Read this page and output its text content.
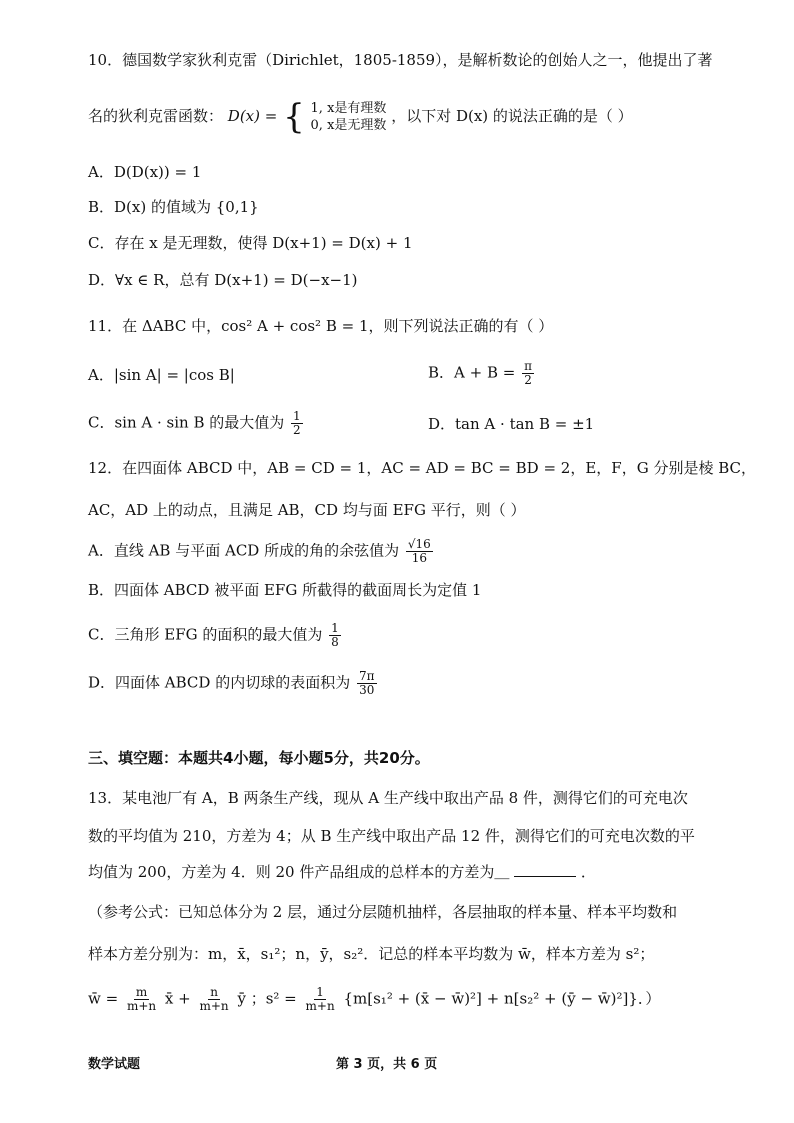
10．德国数学家狄利克雷（Dirichlet，1805-1859），是解析数论的创始人之一，他提出了著
名的狄利克雷函数： D(x) = { 1, x是有理数
0, x是无理数
，以下对 D(x) 的说法正确的是（ ）
A．D(D(x)) = 1
B．D(x) 的值域为 {0,1}
C．存在 x 是无理数，使得 D(x+1) = D(x) + 1
D．∀x ∈ R，总有 D(x+1) = D(−x−1)
11．在 ΔABC 中，cos² A + cos² B = 1，则下列说法正确的有（ ）
A．|sin A| = |cos B|	B．$A + B = \frac{\pi}{2}$
C．sin A · sin B 的最大值为 $\frac{1}{2}$	D．tan A · tan B = ±1
12．在四面体 ABCD 中，AB = CD = 1，AC = AD = BC = BD = 2，E，F，G 分别是棱 BC，
AC，AD 上的动点，且满足 AB，CD 均与面 EFG 平行，则（ ）
A．直线 AB 与平面 ACD 所成的角的余弦值为 $\frac{√16}{16}$
B．四面体 ABCD 被平面 EFG 所截得的截面周长为定值 1
C．三角形 EFG 的面积的最大值为 $\frac{1}{8}$
D．四面体 ABCD 的内切球的表面积为 $\frac{7\pi}{30}$
三、填空题：本题共4小题，每小题5分，共20分。
13．某电池厂有 A，B 两条生产线，现从 A 生产线中取出产品 8 件，测得它们的可充电次
数的平均值为 210，方差为 4；从 B 生产线中取出产品 12 件，测得它们的可充电次数的平
均值为 200，方差为 4．则 20 件产品组成的总样本的方差为＿	．
（参考公式：已知总体分为 2 层，通过分层随机抽样，各层抽取的样本量、样本平均数和
样本方差分别为：m，x̄，s₁²；n，ȳ，s₂²．记总的样本平均数为 w̄，样本方差为 s²；
w̄ = $\frac{m}{m+n}$ x̄ + $\frac{n}{m+n}$ ȳ ；$s^2 = \frac{1}{m+n} \{m[s_1^2$ + (x̄ − w̄)²] + n[s₂² + (ȳ − w̄)²]}．）
数学试题	第 3 页，共 6 页
